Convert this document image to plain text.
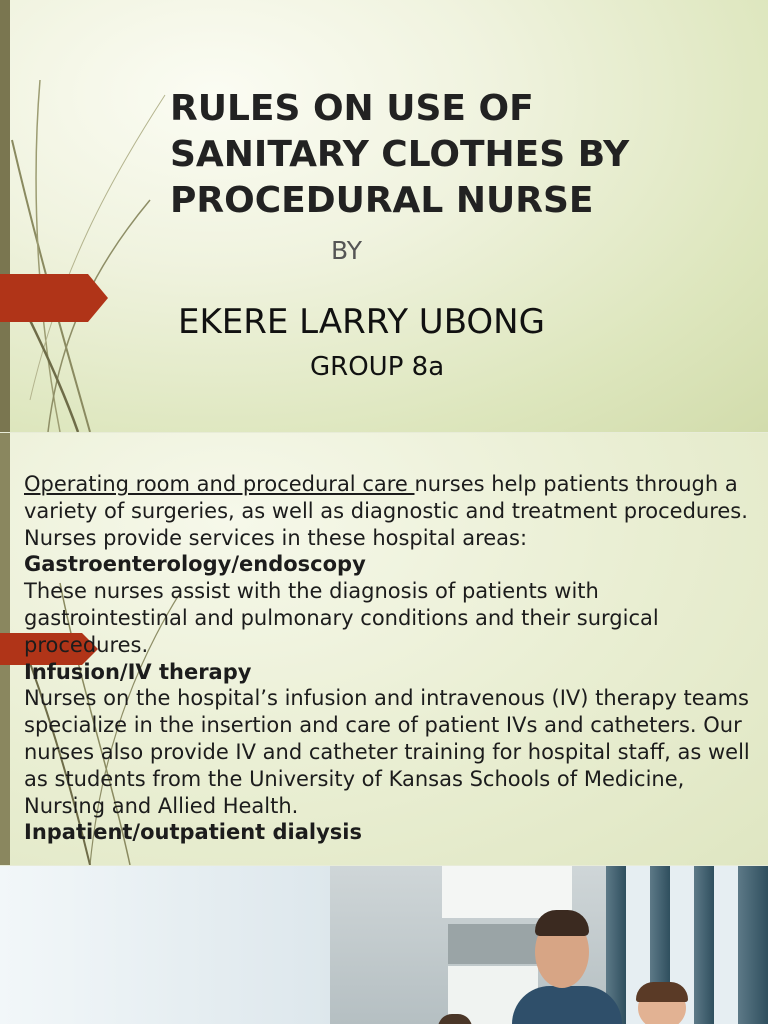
RULES ON USE OF
SANITARY CLOTHES BY
PROCEDURAL NURSE
BY
EKERE LARRY UBONG
GROUP 8a
Operating room and procedural care nurses help patients through a variety of surgeries, as well as diagnostic and treatment procedures. Nurses provide services in these hospital areas:
Gastroenterology/endoscopy
These nurses assist with the diagnosis of patients with gastrointestinal and pulmonary conditions and their surgical procedures.
Infusion/IV therapy
Nurses on the hospital’s infusion and intravenous (IV) therapy teams specialize in the insertion and care of patient IVs and catheters. Our nurses also provide IV and catheter training for hospital staff, as well as students from the University of Kansas Schools of Medicine, Nursing and Allied Health.
Inpatient/outpatient dialysis
